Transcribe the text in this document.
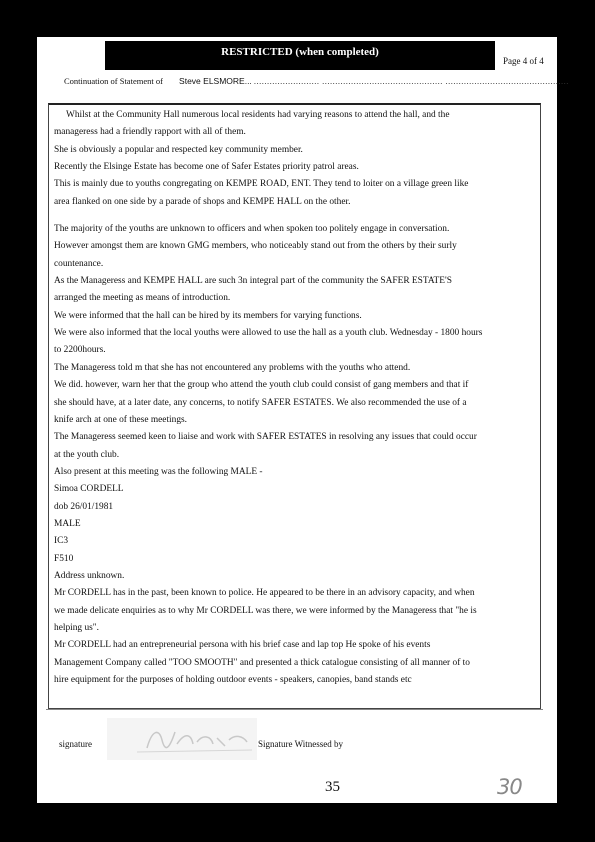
RESTRICTED (when completed)
Page 4 of 4
Continuation of Statement of Steve ELSMORE... ......................... .............................................. ...............................................
Whilst at the Community Hall numerous local residents had varying reasons to attend the hall, and the
manageress had a friendly rapport with all of them.
She is obviously a popular and respected key community member.
Recently the Elsinge Estate has become one of Safer Estates priority patrol areas.
This is mainly due to youths congregating on KEMPE ROAD, ENT. They tend to loiter on a village green like
area flanked on one side by a parade of shops and KEMPE HALL on the other.
The majority of the youths are unknown to officers and when spoken too politely engage in conversation.
However amongst them are known GMG members, who noticeably stand out from the others by their surly
countenance.
As the Manageress and KEMPE HALL are such 3n integral part of the community the SAFER ESTATE'S
arranged the meeting as means of introduction.
We were informed that the hall can be hired by its members for varying functions.
We were also informed that the local youths were allowed to use the hall as a youth club. Wednesday - 1800 hours
to 2200hours.
The Manageress told m that she has not encountered any problems with the youths who attend.
We did. however, warn her that the group who attend the youth club could consist of gang members and that if
she should have, at a later date, any concerns, to notify SAFER ESTATES. We also recommended the use of a
knife arch at one of these meetings.
The Manageress seemed keen to liaise and work with SAFER ESTATES in resolving any issues that could occur
at the youth club.
Also present at this meeting was the following MALE -
Simoa CORDELL
dob 26/01/1981
MALE
IC3
F510
Address unknown.
Mr CORDELL has in the past, been known to police. He appeared to be there in an advisory capacity, and when
we made delicate enquiries as to why Mr CORDELL was there, we were informed by the Manageress that "he is
helping us".
Mr CORDELL had an entrepreneurial persona with his brief case and lap top He spoke of his events
Management Company called "TOO SMOOTH" and presented a thick catalogue consisting of all manner of to
hire equipment for the purposes of holding outdoor events - speakers, canopies, band stands etc
signature	Signature Witnessed by
35	30
